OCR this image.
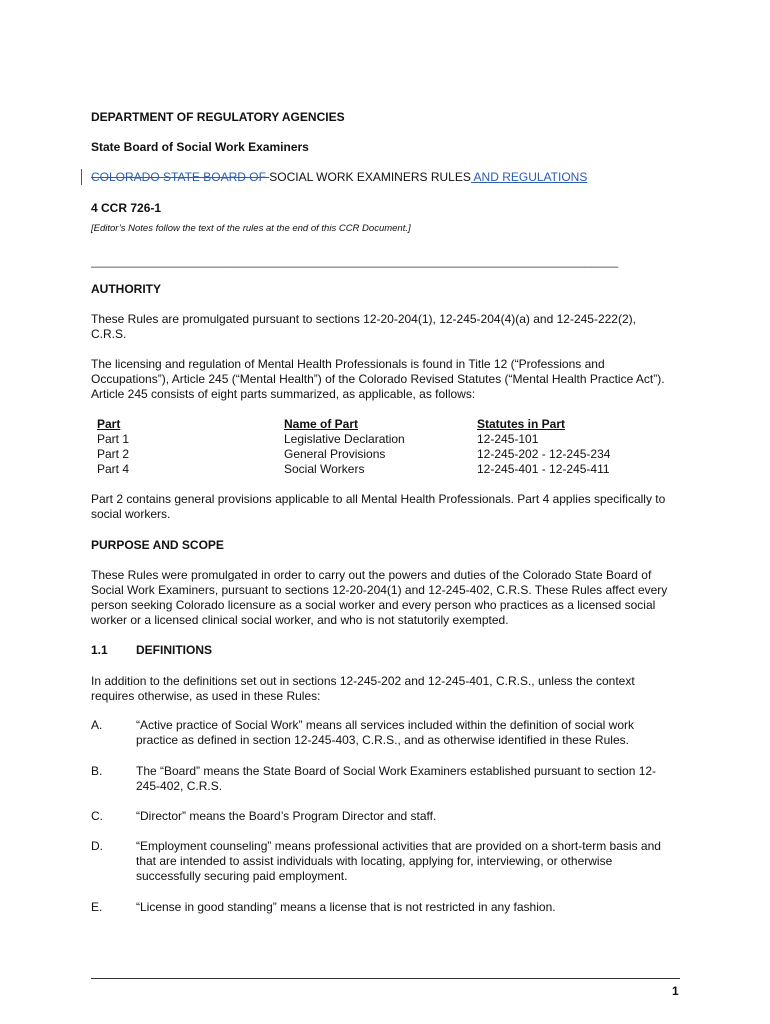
DEPARTMENT OF REGULATORY AGENCIES
State Board of Social Work Examiners
COLORADO STATE BOARD OF SOCIAL WORK EXAMINERS RULES AND REGULATIONS
4 CCR 726-1
[Editor’s Notes follow the text of the rules at the end of this CCR Document.]
_______________________________________________________________________________
AUTHORITY
These Rules are promulgated pursuant to sections 12-20-204(1), 12-245-204(4)(a) and 12-245-222(2), C.R.S.
The licensing and regulation of Mental Health Professionals is found in Title 12 (“Professions and Occupations”), Article 245 (“Mental Health”) of the Colorado Revised Statutes (“Mental Health Practice Act”). Article 245 consists of eight parts summarized, as applicable, as follows:
Part	Name of Part	Statutes in Part
Part 1	Legislative Declaration	12-245-101
Part 2	General Provisions	12-245-202 - 12-245-234
Part 4	Social Workers	12-245-401 - 12-245-411
Part 2 contains general provisions applicable to all Mental Health Professionals. Part 4 applies specifically to social workers.
PURPOSE AND SCOPE
These Rules were promulgated in order to carry out the powers and duties of the Colorado State Board of Social Work Examiners, pursuant to sections 12-20-204(1) and 12-245-402, C.R.S. These Rules affect every person seeking Colorado licensure as a social worker and every person who practices as a licensed social worker or a licensed clinical social worker, and who is not statutorily exempted.
1.1 DEFINITIONS
In addition to the definitions set out in sections 12-245-202 and 12-245-401, C.R.S., unless the context requires otherwise, as used in these Rules:
A.	“Active practice of Social Work” means all services included within the definition of social work practice as defined in section 12-245-403, C.R.S., and as otherwise identified in these Rules.
B.	The “Board” means the State Board of Social Work Examiners established pursuant to section 12-245-402, C.R.S.
C.	“Director” means the Board’s Program Director and staff.
D.	“Employment counseling” means professional activities that are provided on a short-term basis and that are intended to assist individuals with locating, applying for, interviewing, or otherwise successfully securing paid employment.
E.	“License in good standing” means a license that is not restricted in any fashion.
1
